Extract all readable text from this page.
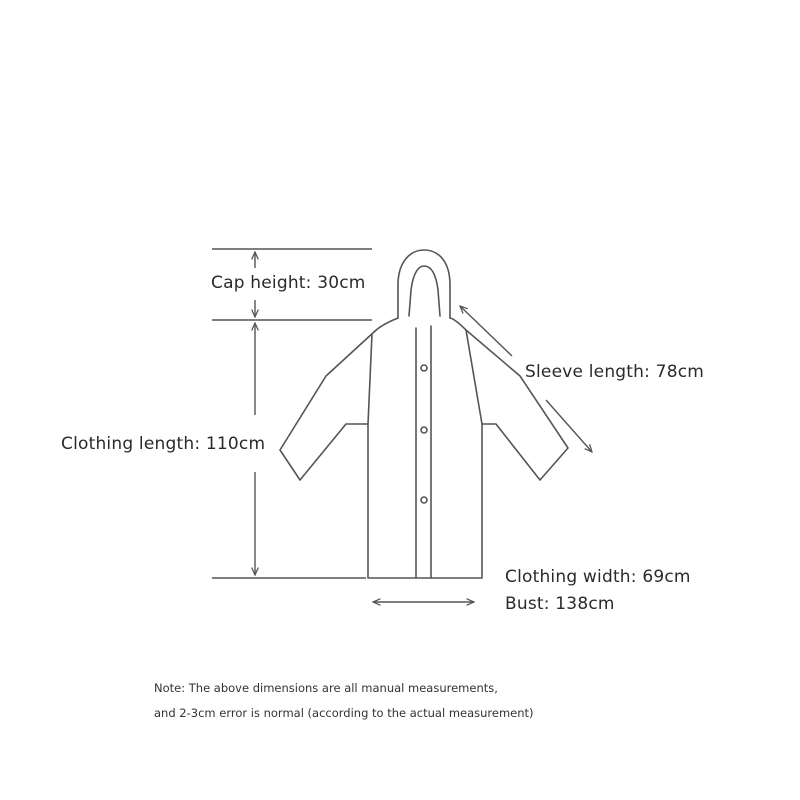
Cap height: 30cm
Clothing length: 110cm
Sleeve length: 78cm
Clothing width: 69cm
Bust: 138cm
Note: The above dimensions are all manual measurements,
and 2-3cm error is normal (according to the actual measurement)
